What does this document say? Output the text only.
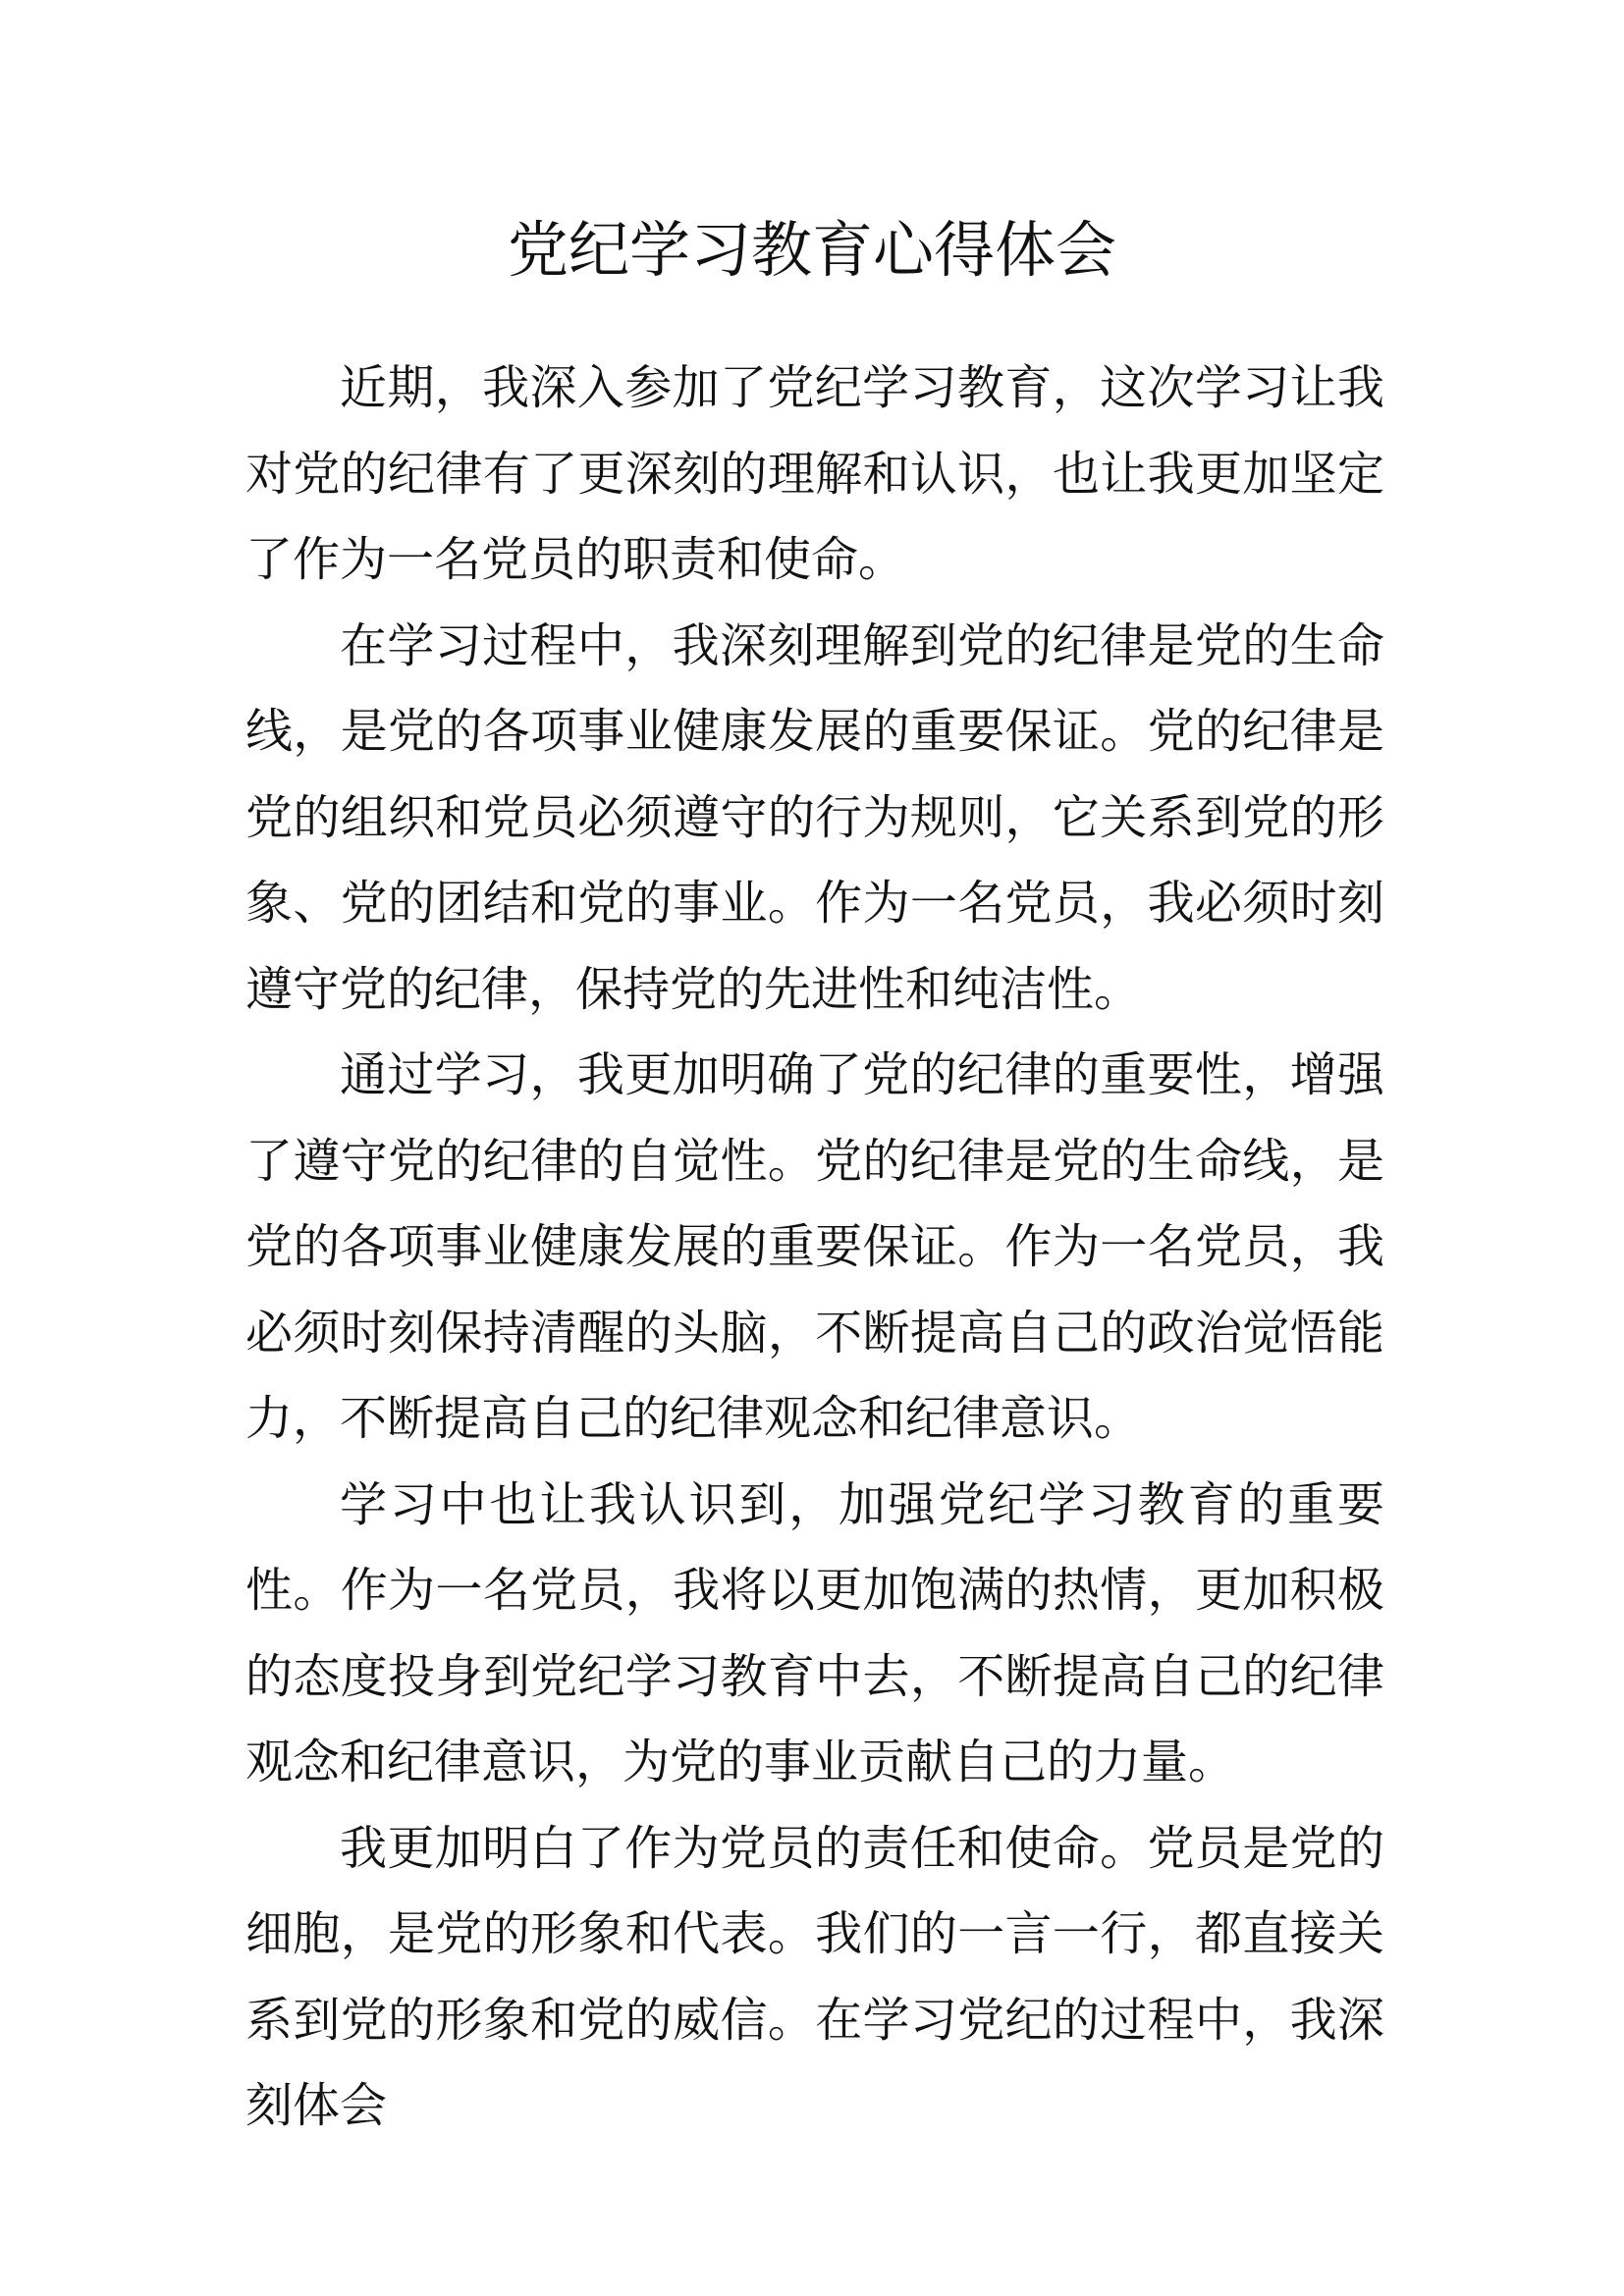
党纪学习教育心得体会

近期，我深入参加了党纪学习教育，这次学习让我对党的纪律有了更深刻的理解和认识，也让我更加坚定了作为一名党员的职责和使命。

在学习过程中，我深刻理解到党的纪律是党的生命线，是党的各项事业健康发展的重要保证。党的纪律是党的组织和党员必须遵守的行为规则，它关系到党的形象、党的团结和党的事业。作为一名党员，我必须时刻遵守党的纪律，保持党的先进性和纯洁性。

通过学习，我更加明确了党的纪律的重要性，增强了遵守党的纪律的自觉性。党的纪律是党的生命线，是党的各项事业健康发展的重要保证。作为一名党员，我必须时刻保持清醒的头脑，不断提高自己的政治觉悟能力，不断提高自己的纪律观念和纪律意识。

学习中也让我认识到，加强党纪学习教育的重要性。作为一名党员，我将以更加饱满的热情，更加积极的态度投身到党纪学习教育中去，不断提高自己的纪律观念和纪律意识，为党的事业贡献自己的力量。

我更加明白了作为党员的责任和使命。党员是党的细胞，是党的形象和代表。我们的一言一行，都直接关系到党的形象和党的威信。在学习党纪的过程中，我深刻体会
